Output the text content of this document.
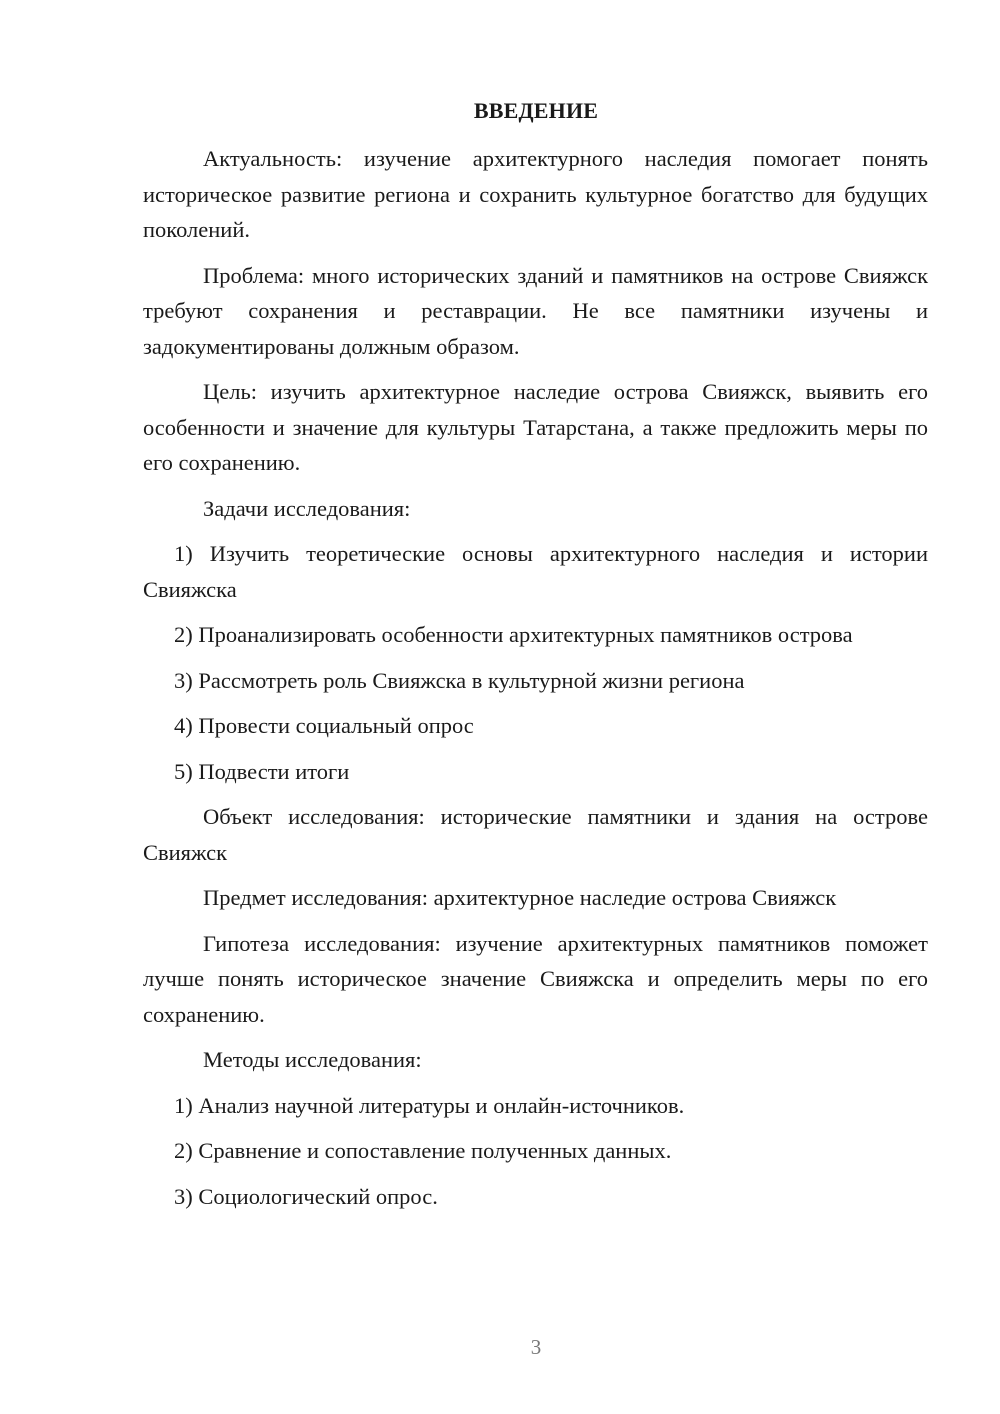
ВВЕДЕНИЕ

Актуальность: изучение архитектурного наследия помогает понять историческое развитие региона и сохранить культурное богатство для будущих поколений.

Проблема: много исторических зданий и памятников на острове Свияжск требуют сохранения и реставрации. Не все памятники изучены и задокументированы должным образом.

Цель: изучить архитектурное наследие острова Свияжск, выявить его особенности и значение для культуры Татарстана, а также предложить меры по его сохранению.

Задачи исследования:

1) Изучить теоретические основы архитектурного наследия и истории Свияжска

2) Проанализировать особенности архитектурных памятников острова

3) Рассмотреть роль Свияжска в культурной жизни региона

4) Провести социальный опрос

5) Подвести итоги

Объект исследования: исторические памятники и здания на острове Свияжск

Предмет исследования: архитектурное наследие острова Свияжск

Гипотеза исследования: изучение архитектурных памятников поможет лучше понять историческое значение Свияжска и определить меры по его сохранению.

Методы исследования:

1) Анализ научной литературы и онлайн-источников.

2) Сравнение и сопоставление полученных данных.

3) Социологический опрос.

3
